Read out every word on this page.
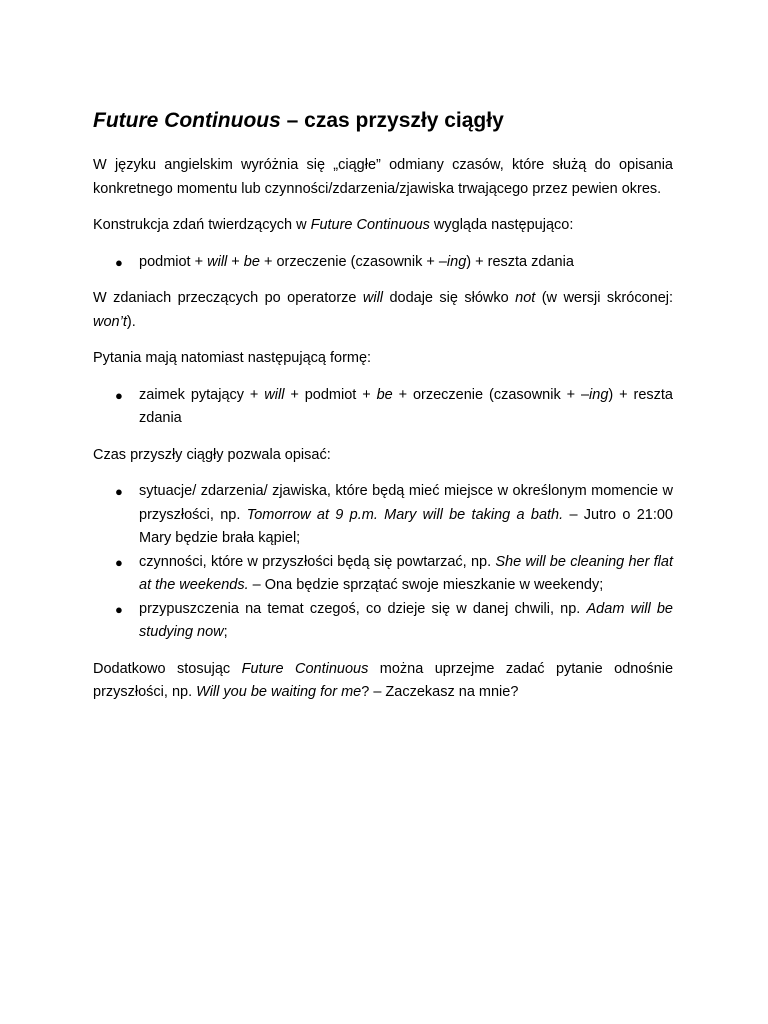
Future Continuous – czas przyszły ciągły

W języku angielskim wyróżnia się „ciągłe” odmiany czasów, które służą do opisania konkretnego momentu lub czynności/zdarzenia/zjawiska trwającego przez pewien okres.

Konstrukcja zdań twierdzących w Future Continuous wygląda następująco:

● podmiot + will + be + orzeczenie (czasownik + –ing) + reszta zdania

W zdaniach przeczących po operatorze will dodaje się słówko not (w wersji skróconej: won’t).

Pytania mają natomiast następującą formę:

● zaimek pytający + will + podmiot + be + orzeczenie (czasownik + –ing) + reszta zdania

Czas przyszły ciągły pozwala opisać:

● sytuacje/ zdarzenia/ zjawiska, które będą mieć miejsce w określonym momencie w przyszłości, np. Tomorrow at 9 p.m. Mary will be taking a bath. – Jutro o 21:00 Mary będzie brała kąpiel;
● czynności, które w przyszłości będą się powtarzać, np. She will be cleaning her flat at the weekends. – Ona będzie sprzątać swoje mieszkanie w weekendy;
● przypuszczenia na temat czegoś, co dzieje się w danej chwili, np. Adam will be studying now;

Dodatkowo stosując Future Continuous można uprzejme zadać pytanie odnośnie przyszłości, np. Will you be waiting for me? – Zaczekasz na mnie?
